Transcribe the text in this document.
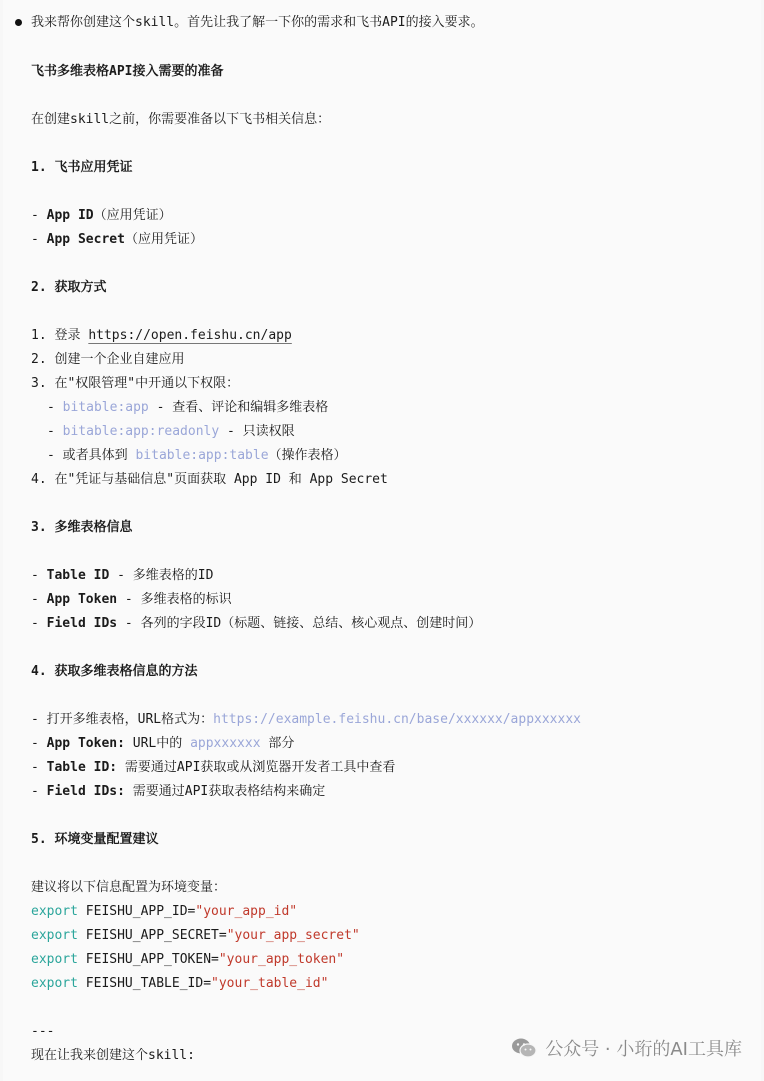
我来帮你创建这个skill。首先让我了解一下你的需求和飞书API的接入要求。
飞书多维表格API接入需要的准备
在创建skill之前，你需要准备以下飞书相关信息：
1. 飞书应用凭证
- App ID（应用凭证）
- App Secret（应用凭证）
2. 获取方式
1. 登录 https://open.feishu.cn/app
2. 创建一个企业自建应用
3. 在"权限管理"中开通以下权限：
- bitable:app - 查看、评论和编辑多维表格
- bitable:app:readonly - 只读权限
- 或者具体到 bitable:app:table（操作表格）
4. 在"凭证与基础信息"页面获取 App ID 和 App Secret
3. 多维表格信息
- Table ID - 多维表格的ID
- App Token - 多维表格的标识
- Field IDs - 各列的字段ID（标题、链接、总结、核心观点、创建时间）
4. 获取多维表格信息的方法
- 打开多维表格，URL格式为：https://example.feishu.cn/base/xxxxxx/appxxxxxx
- App Token: URL中的 appxxxxxx 部分
- Table ID: 需要通过API获取或从浏览器开发者工具中查看
- Field IDs: 需要通过API获取表格结构来确定
5. 环境变量配置建议
建议将以下信息配置为环境变量：
export FEISHU_APP_ID="your_app_id"
export FEISHU_APP_SECRET="your_app_secret"
export FEISHU_APP_TOKEN="your_app_token"
export FEISHU_TABLE_ID="your_table_id"
---
现在让我来创建这个skill:	公众号 · 小珩的AI工具库
